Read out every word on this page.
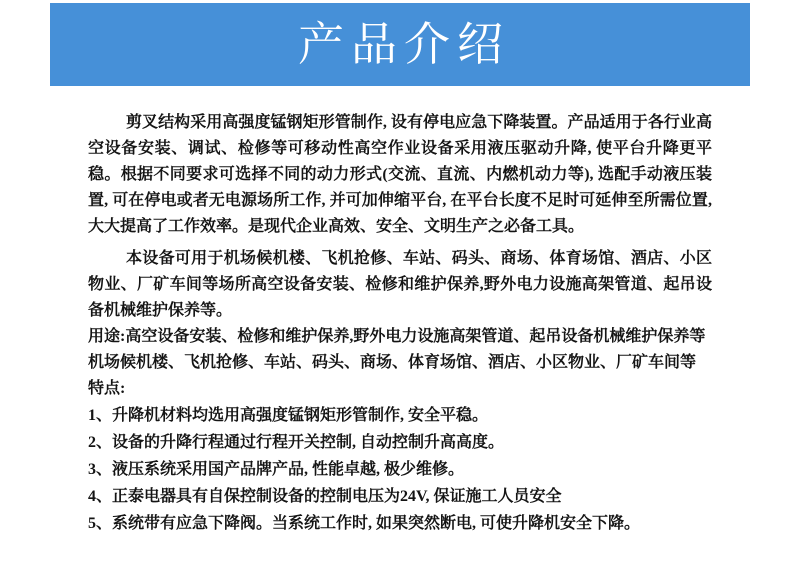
产品介绍

剪叉结构采用高强度锰钢矩形管制作, 设有停电应急下降装置。产品适用于各行业高空设备安装、调试、检修等可移动性高空作业设备采用液压驱动升降, 使平台升降更平稳。根据不同要求可选择不同的动力形式(交流、直流、内燃机动力等), 选配手动液压装置, 可在停电或者无电源场所工作, 并可加伸缩平台, 在平台长度不足时可延伸至所需位置, 大大提高了工作效率。是现代企业高效、安全、文明生产之必备工具。

本设备可用于机场候机楼、飞机抢修、车站、码头、商场、体育场馆、酒店、小区物业、厂矿车间等场所高空设备安装、检修和维护保养,野外电力设施高架管道、起吊设备机械维护保养等。

用途:高空设备安装、检修和维护保养,野外电力设施高架管道、起吊设备机械维护保养等

机场候机楼、飞机抢修、车站、码头、商场、体育场馆、酒店、小区物业、厂矿车间等

特点:

1、升降机材料均选用高强度锰钢矩形管制作, 安全平稳。

2、设备的升降行程通过行程开关控制, 自动控制升高高度。

3、液压系统采用国产品牌产品, 性能卓越, 极少维修。

4、正泰电器具有自保控制设备的控制电压为24V, 保证施工人员安全

5、系统带有应急下降阀。当系统工作时, 如果突然断电, 可使升降机安全下降。
